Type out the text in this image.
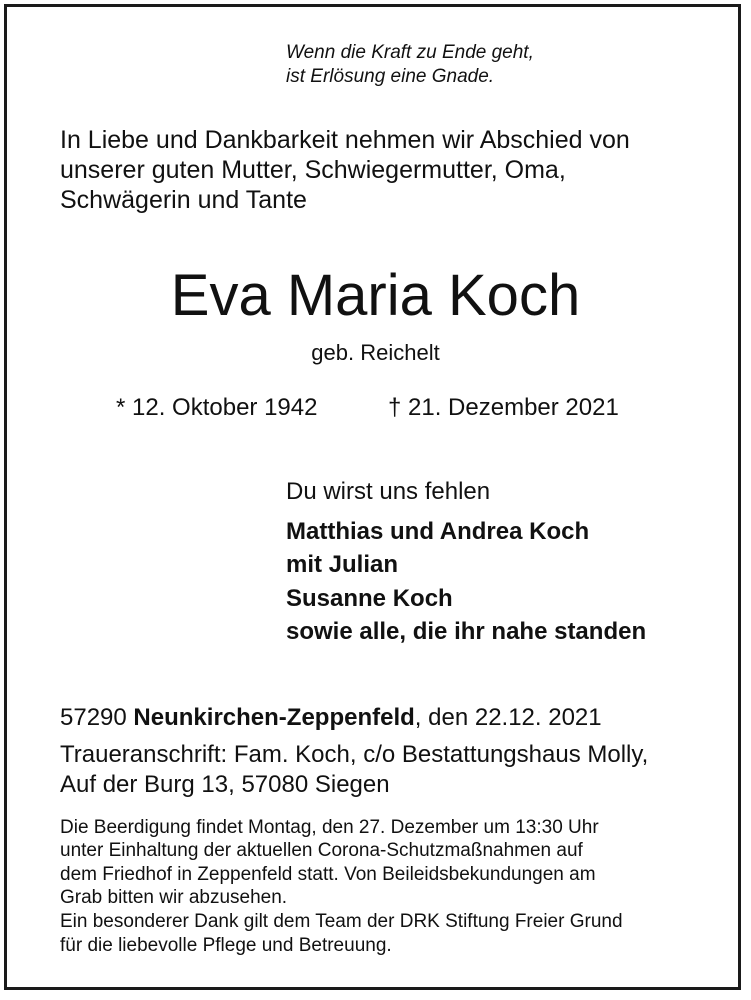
Wenn die Kraft zu Ende geht,
ist Erlösung eine Gnade.
In Liebe und Dankbarkeit nehmen wir Abschied von
unserer guten Mutter, Schwiegermutter, Oma,
Schwägerin und Tante
Eva Maria Koch
geb. Reichelt
* 12. Oktober 1942	† 21. Dezember 2021
Du wirst uns fehlen
Matthias und Andrea Koch
mit Julian
Susanne Koch
sowie alle, die ihr nahe standen
57290 Neunkirchen-Zeppenfeld, den 22.12. 2021
Traueranschrift: Fam. Koch, c/o Bestattungshaus Molly,
Auf der Burg 13, 57080 Siegen
Die Beerdigung findet Montag, den 27. Dezember um 13:30 Uhr
unter Einhaltung der aktuellen Corona-Schutzmaßnahmen auf
dem Friedhof in Zeppenfeld statt. Von Beileidsbekundungen am
Grab bitten wir abzusehen.
Ein besonderer Dank gilt dem Team der DRK Stiftung Freier Grund
für die liebevolle Pflege und Betreuung.
